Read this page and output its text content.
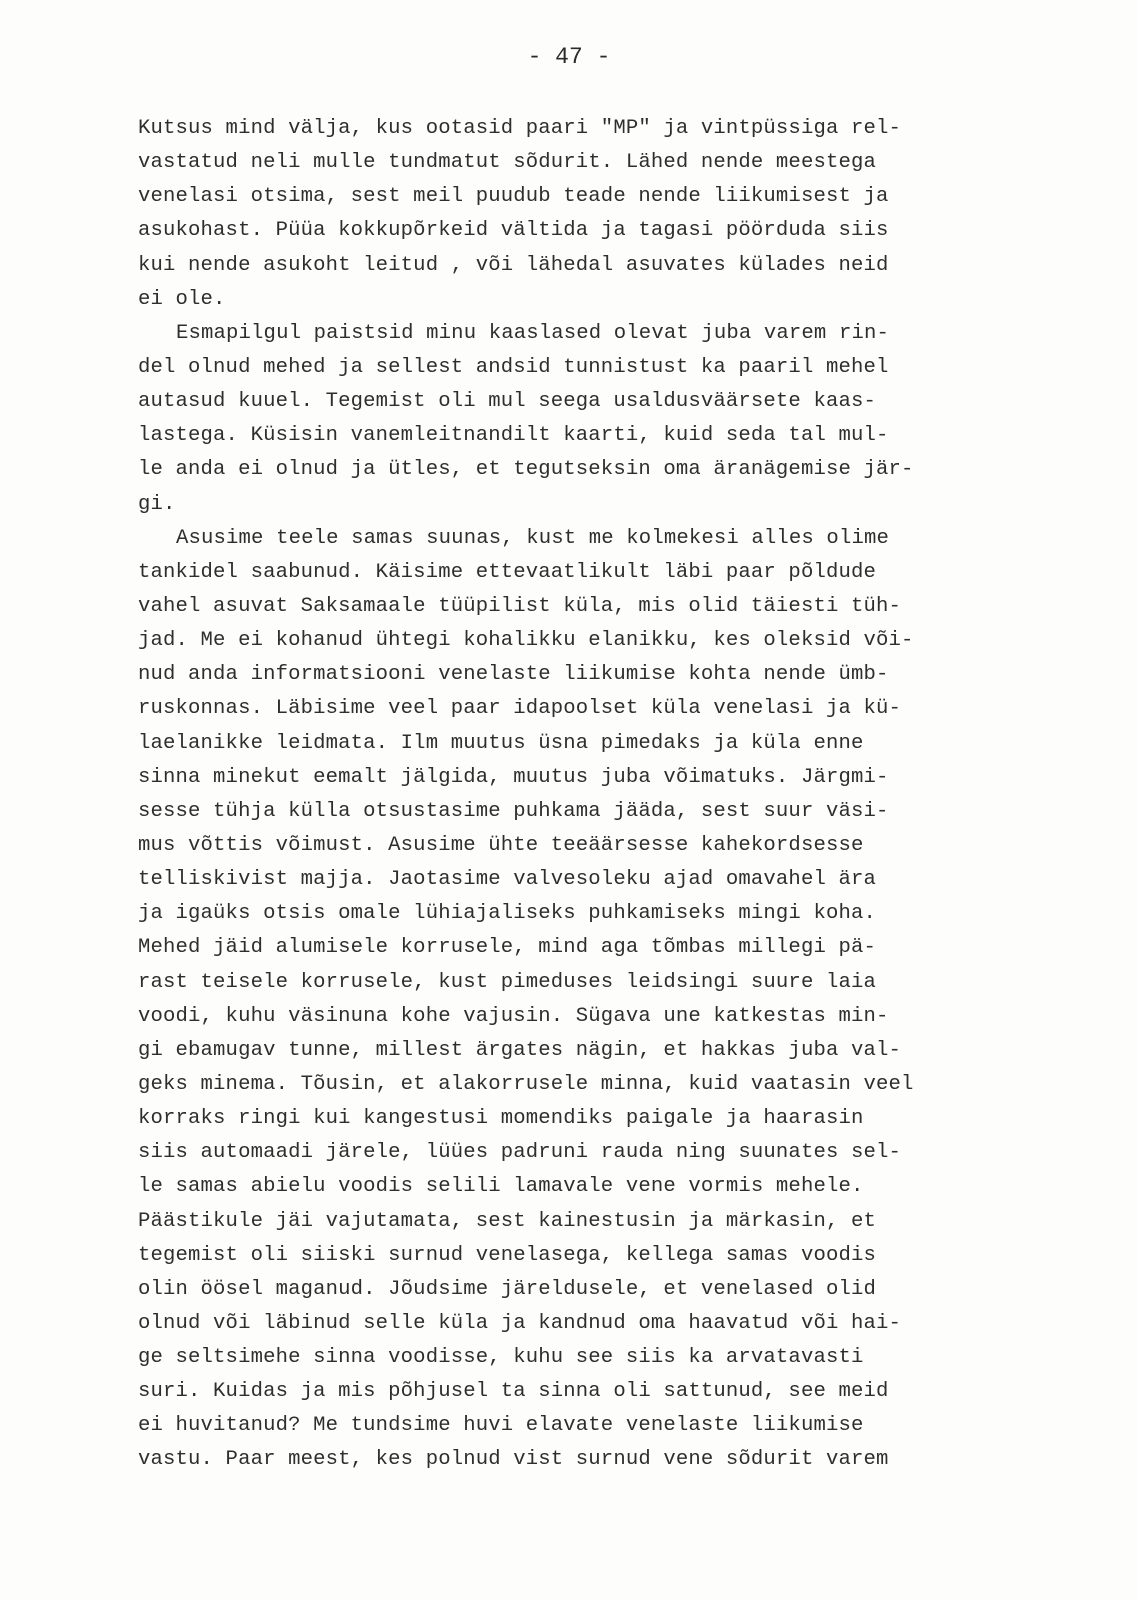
- 47 -
Kutsus mind välja, kus ootasid paari "MP" ja vintpüssiga rel-
vastatud neli mulle tundmatut sõdurit. Lähed nende meestega
venelasi otsima, sest meil puudub teade nende liikumisest ja
asukohast. Püüa kokkupõrkeid vältida ja tagasi pöörduda siis
kui nende asukoht leitud , või lähedal asuvates külades neid
ei ole.
Esmapilgul paistsid minu kaaslased olevat juba varem rin-
del olnud mehed ja sellest andsid tunnistust ka paaril mehel
autasud kuuel. Tegemist oli mul seega usaldusväärsete kaas-
lastega. Küsisin vanemleitnandilt kaarti, kuid seda tal mul-
le anda ei olnud ja ütles, et tegutseksin oma äranägemise jär-
gi.
Asusime teele samas suunas, kust me kolmekesi alles olime
tankidel saabunud. Käisime ettevaatlikult läbi paar põldude
vahel asuvat Saksamaale tüüpilist küla, mis olid täiesti tüh-
jad. Me ei kohanud ühtegi kohalikku elanikku, kes oleksid või-
nud anda informatsiooni venelaste liikumise kohta nende ümb-
ruskonnas. Läbisime veel paar idapoolset küla venelasi ja kü-
laelanikke leidmata. Ilm muutus üsna pimedaks ja küla enne
sinna minekut eemalt jälgida, muutus juba võimatuks. Järgmi-
sesse tühja külla otsustasime puhkama jääda, sest suur väsi-
mus võttis võimust. Asusime ühte teeäärsesse kahekordsesse
telliskivist majja. Jaotasime valvesoleku ajad omavahel ära
ja igaüks otsis omale lühiajaliseks puhkamiseks mingi koha.
Mehed jäid alumisele korrusele, mind aga tõmbas millegi pä-
rast teisele korrusele, kust pimeduses leidsingi suure laia
voodi, kuhu väsinuna kohe vajusin. Sügava une katkestas min-
gi ebamugav tunne, millest ärgates nägin, et hakkas juba val-
geks minema. Tõusin, et alakorrusele minna, kuid vaatasin veel
korraks ringi kui kangestusi momendiks paigale ja haarasin
siis automaadi järele, lüües padruni rauda ning suunates sel-
le samas abielu voodis selili lamavale vene vormis mehele.
Päästikule jäi vajutamata, sest kainestusin ja märkasin, et
tegemist oli siiski surnud venelasega, kellega samas voodis
olin öösel maganud. Jõudsime järeldusele, et venelased olid
olnud või läbinud selle küla ja kandnud oma haavatud või hai-
ge seltsimehe sinna voodisse, kuhu see siis ka arvatavasti
suri. Kuidas ja mis põhjusel ta sinna oli sattunud, see meid
ei huvitanud? Me tundsime huvi elavate venelaste liikumise
vastu. Paar meest, kes polnud vist surnud vene sõdurit varem
